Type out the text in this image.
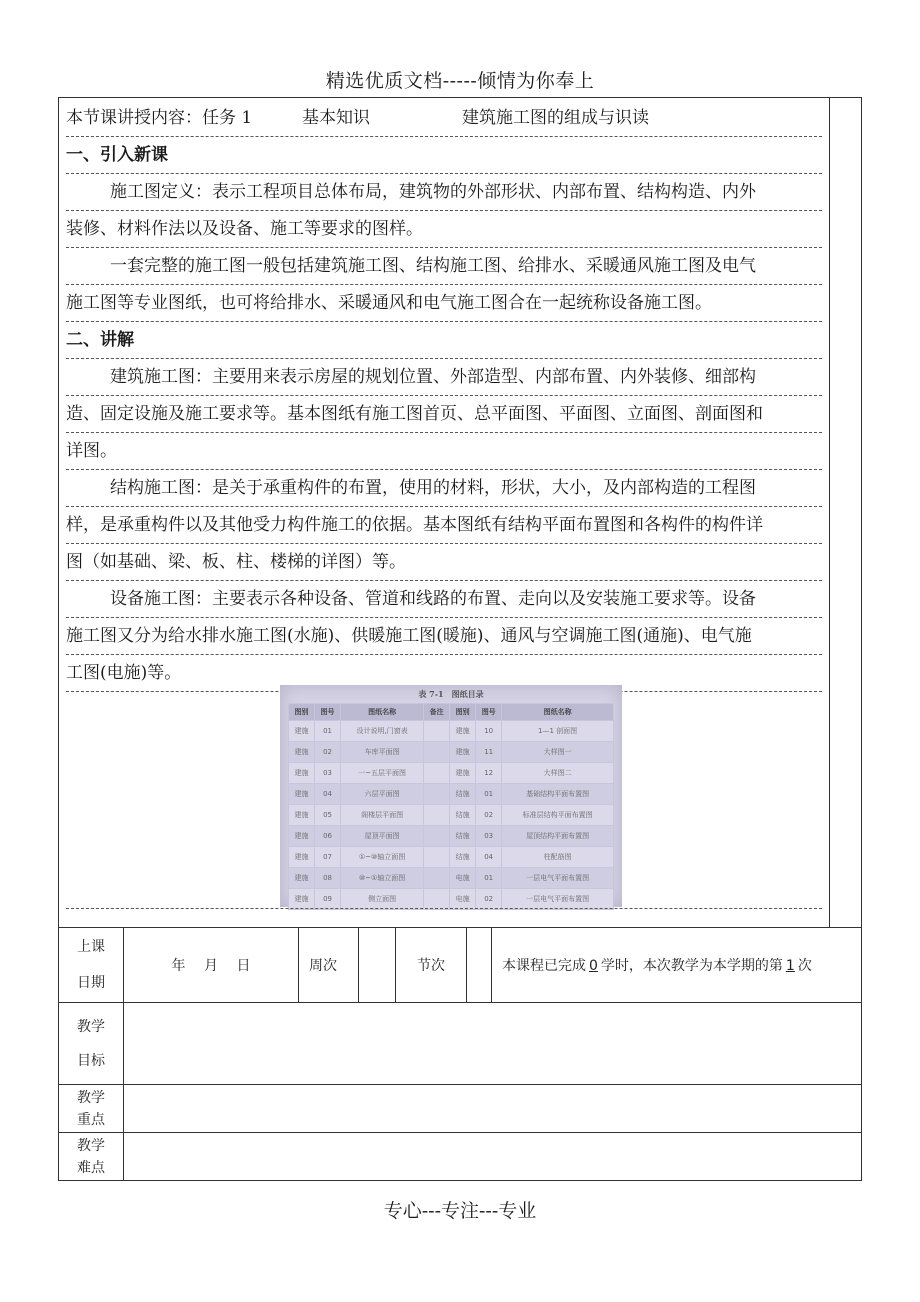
精选优质文档-----倾情为你奉上
本节课讲授内容：任务 1	基本知识	建筑施工图的组成与识读
一、引入新课
施工图定义：表示工程项目总体布局，建筑物的外部形状、内部布置、结构构造、内外
装修、材料作法以及设备、施工等要求的图样。
一套完整的施工图一般包括建筑施工图、结构施工图、给排水、采暖通风施工图及电气
施工图等专业图纸，也可将给排水、采暖通风和电气施工图合在一起统称设备施工图。
二、讲解
建筑施工图：主要用来表示房屋的规划位置、外部造型、内部布置、内外装修、细部构
造、固定设施及施工要求等。基本图纸有施工图首页、总平面图、平面图、立面图、剖面图和
详图。
结构施工图：是关于承重构件的布置，使用的材料，形状，大小，及内部构造的工程图
样，是承重构件以及其他受力构件施工的依据。基本图纸有结构平面布置图和各构件的构件详
图（如基础、梁、板、柱、楼梯的详图）等。
设备施工图：主要表示各种设备、管道和线路的布置、走向以及安装施工要求等。设备
施工图又分为给水排水施工图(水施)、供暖施工图(暖施)、通风与空调施工图(通施)、电气施
工图(电施)等。
表 7-1　图纸目录
图别	图号	图纸名称	备注	图别	图号	图纸名称
建施	01	设计说明,门窗表		建施	10	1—1 剖面图
建施	02	车库平面图		建施	11	大样图一
建施	03	一~五层平面图		建施	12	大样图二
建施	04	六层平面图		结施	01	基础结构平面布置图
建施	05	阁楼层平面图		结施	02	标准层结构平面布置图
建施	06	屋顶平面图		结施	03	屋顶结构平面布置图
建施	07	①~⑩轴立面图		结施	04	柱配筋图
建施	08	⑩~①轴立面图		电施	01	一层电气平面布置图
建施	09	侧立面图		电施	02	一层电气平面布置图
上课
日期	年　 月　 日	周次		节次		本课程已完成 0 学时，本次教学为本学期的第 1 次

教学
目标						

教学
重点						

教学
难点						

专心---专注---专业
